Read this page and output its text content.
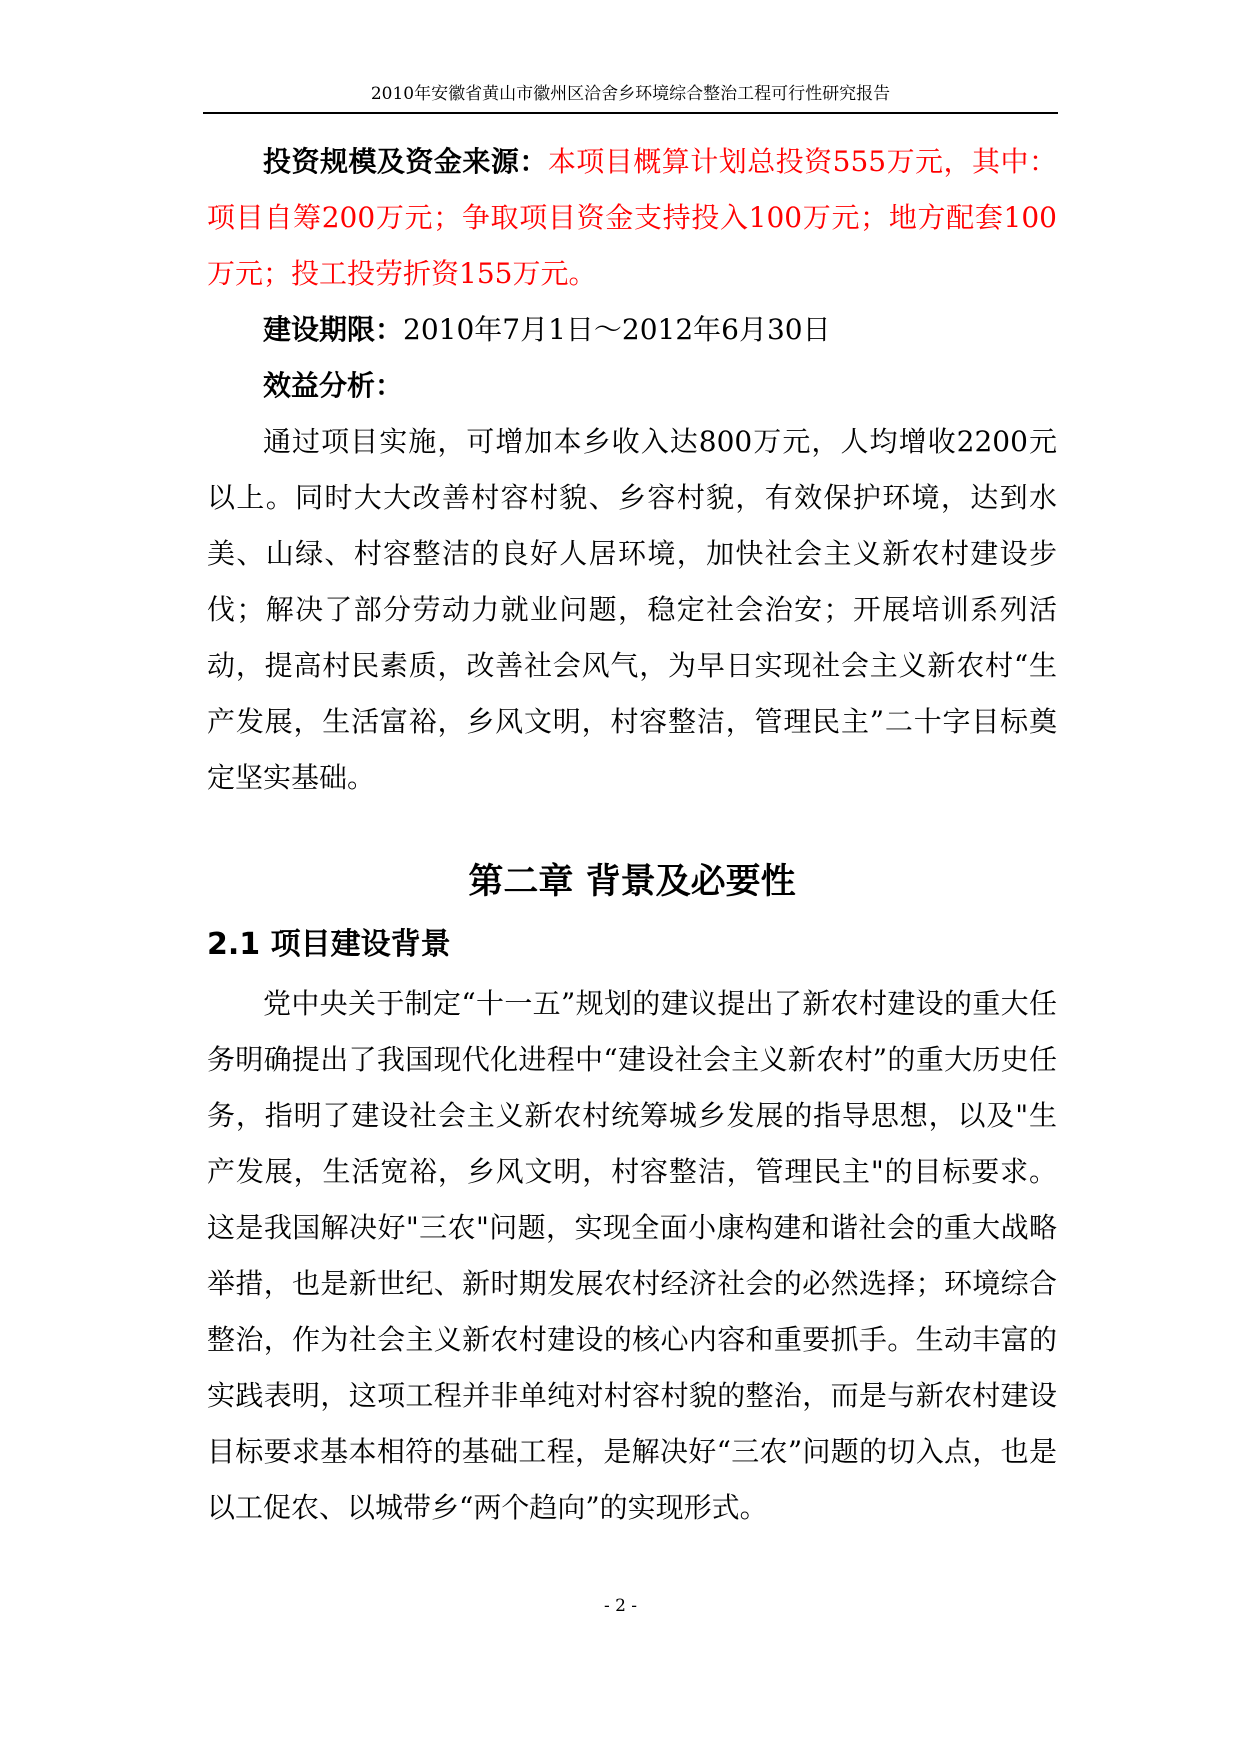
2010年安徽省黄山市徽州区洽舍乡环境综合整治工程可行性研究报告

投资规模及资金来源：本项目概算计划总投资555万元，其中：项目自筹200万元；争取项目资金支持投入100万元；地方配套100万元；投工投劳折资155万元。

建设期限：2010年7月1日～2012年6月30日

效益分析：

通过项目实施，可增加本乡收入达800万元，人均增收2200元以上。同时大大改善村容村貌、乡容村貌，有效保护环境，达到水美、山绿、村容整洁的良好人居环境，加快社会主义新农村建设步伐；解决了部分劳动力就业问题，稳定社会治安；开展培训系列活动，提高村民素质，改善社会风气，为早日实现社会主义新农村“生产发展，生活富裕，乡风文明，村容整洁，管理民主”二十字目标奠定坚实基础。

第二章 背景及必要性
2.1 项目建设背景

党中央关于制定“十一五”规划的建议提出了新农村建设的重大任务明确提出了我国现代化进程中“建设社会主义新农村”的重大历史任务，指明了建设社会主义新农村统筹城乡发展的指导思想，以及"生产发展，生活宽裕，乡风文明，村容整洁，管理民主"的目标要求。这是我国解决好"三农"问题，实现全面小康构建和谐社会的重大战略举措，也是新世纪、新时期发展农村经济社会的必然选择；环境综合整治，作为社会主义新农村建设的核心内容和重要抓手。生动丰富的实践表明，这项工程并非单纯对村容村貌的整治，而是与新农村建设目标要求基本相符的基础工程，是解决好“三农”问题的切入点，也是以工促农、以城带乡“两个趋向”的实现形式。

- 2 -
